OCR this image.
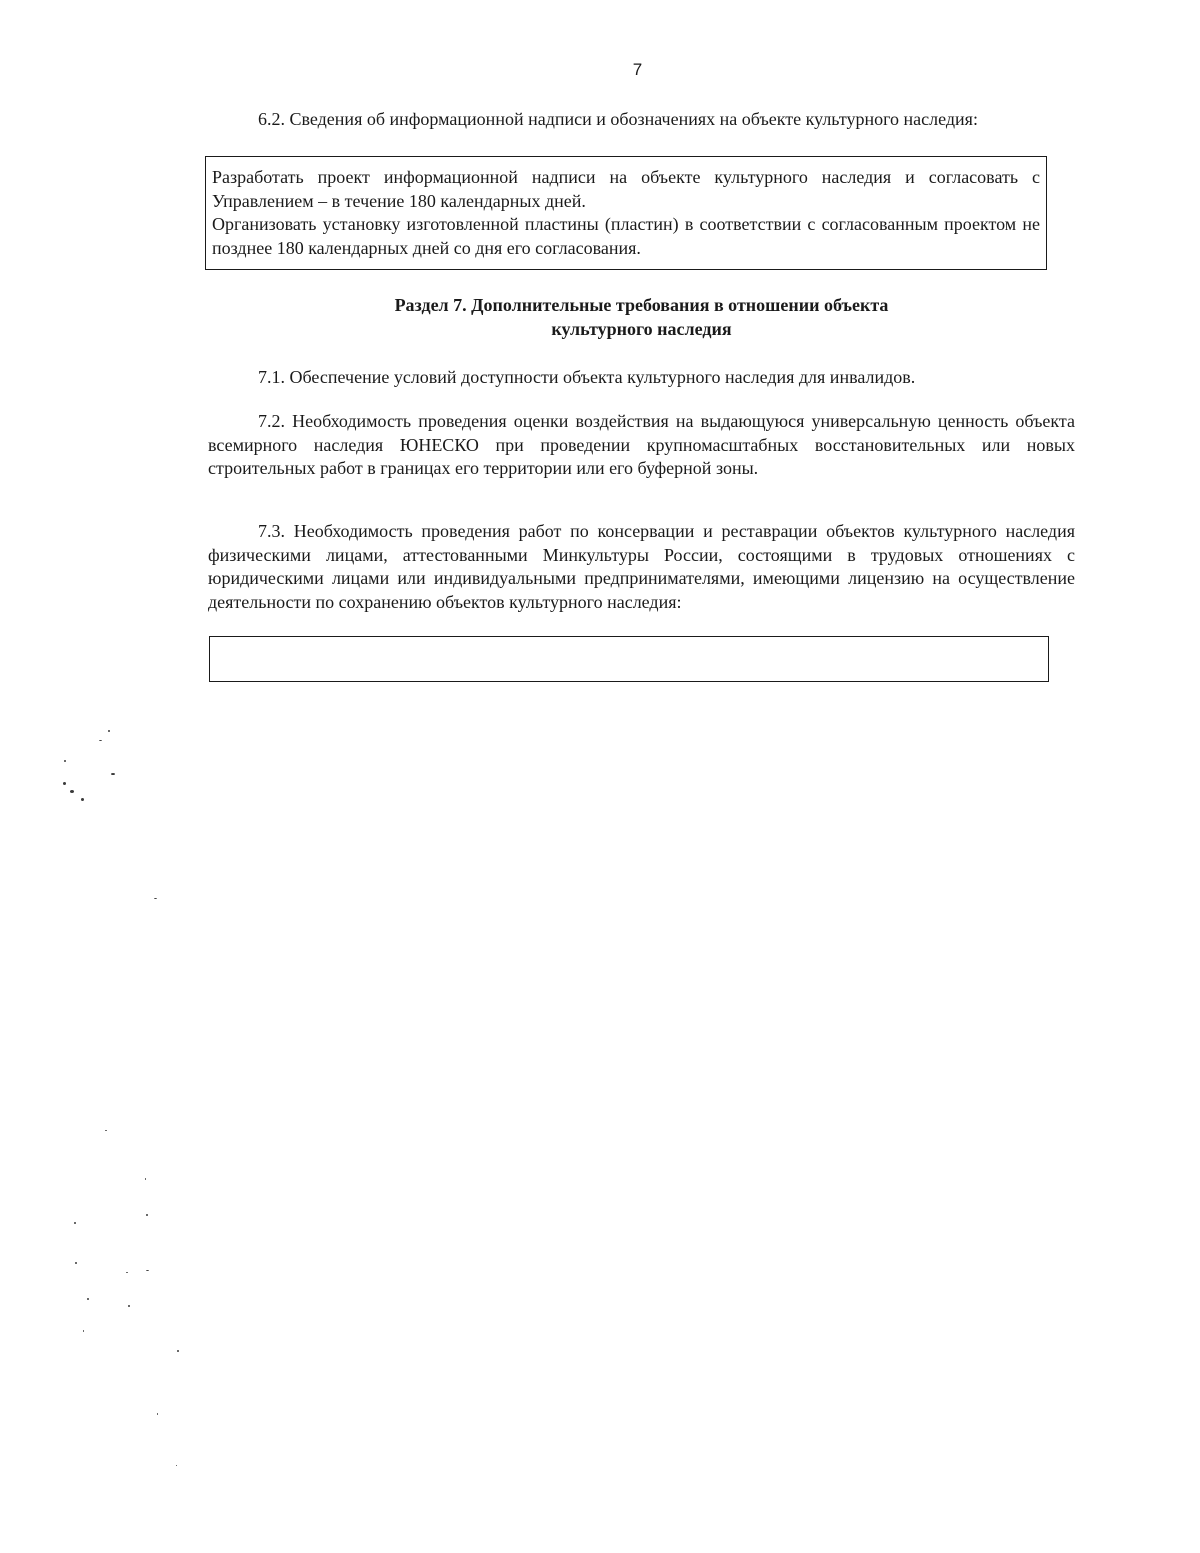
7

6.2. Сведения об информационной надписи и обозначениях на объекте культурного наследия:

Разработать проект информационной надписи на объекте культурного наследия и согласовать с Управлением – в течение 180 календарных дней.

Организовать установку изготовленной пластины (пластин) в соответствии с согласованным проектом не позднее 180 календарных дней со дня его согласования.

Раздел 7. Дополнительные требования в отношении объекта
культурного наследия

7.1. Обеспечение условий доступности объекта культурного наследия для инвалидов.

7.2. Необходимость проведения оценки воздействия на выдающуюся универсальную ценность объекта всемирного наследия ЮНЕСКО при проведении крупномасштабных восстановительных или новых строительных работ в границах его территории или его буферной зоны.

7.3. Необходимость проведения работ по консервации и реставрации объектов культурного наследия физическими лицами, аттестованными Минкультуры России, состоящими в трудовых отношениях с юридическими лицами или индивидуальными предпринимателями, имеющими лицензию на осуществление деятельности по сохранению объектов культурного наследия:
